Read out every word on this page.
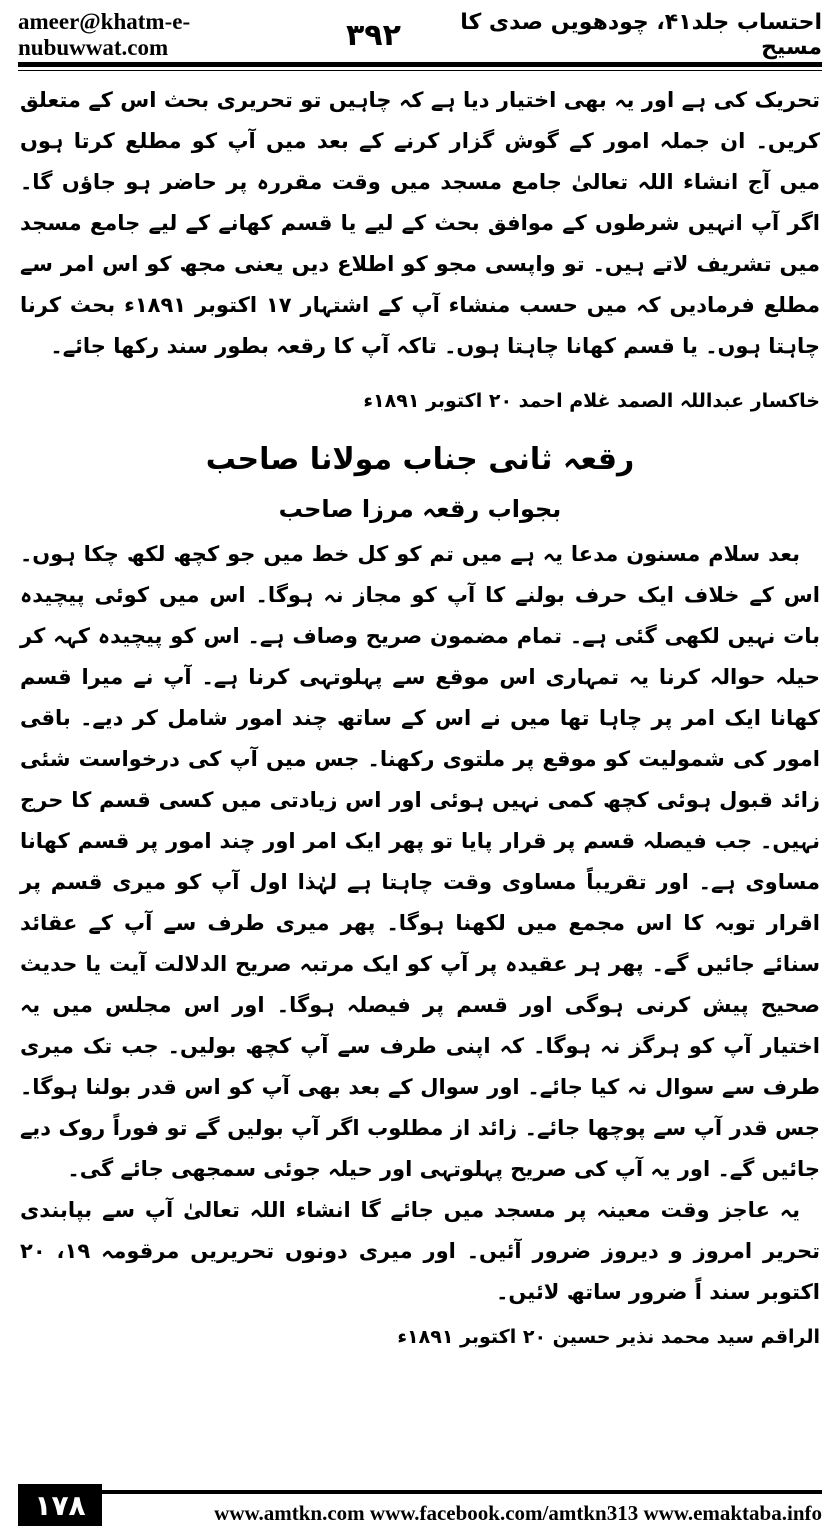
ameer@khatm-e-nubuwwat.com	۳۹۲	احتساب جلد۴۱، چودھویں صدی کا مسیح

تحریک کی ہے اور یہ بھی اختیار دیا ہے کہ چاہیں تو تحریری بحث اس کے متعلق کریں۔ ان جملہ امور کے گوش گزار کرنے کے بعد میں آپ کو مطلع کرتا ہوں میں آج انشاء اللہ تعالیٰ جامع مسجد میں وقت مقررہ پر حاضر ہو جاؤں گا۔ اگر آپ انہیں شرطوں کے موافق بحث کے لیے یا قسم کھانے کے لیے جامع مسجد میں تشریف لاتے ہیں۔ تو واپسی مجو کو اطلاع دیں یعنی مجھ کو اس امر سے مطلع فرمادیں کہ میں حسب منشاء آپ کے اشتہار ۱۷ اکتوبر ۱۸۹۱ء بحث کرنا چاہتا ہوں۔ یا قسم کھانا چاہتا ہوں۔ تاکہ آپ کا رقعہ بطور سند رکھا جائے۔

خاکسار عبداللہ الصمد غلام احمد ۲۰ اکتوبر ۱۸۹۱ء

رقعہ ثانی جناب مولانا صاحب

بجواب رقعہ مرزا صاحب

بعد سلام مسنون مدعا یہ ہے میں تم کو کل خط میں جو کچھ لکھ چکا ہوں۔ اس کے خلاف ایک حرف بولنے کا آپ کو مجاز نہ ہوگا۔ اس میں کوئی پیچیدہ بات نہیں لکھی گئی ہے۔ تمام مضمون صریح وصاف ہے۔ اس کو پیچیدہ کہہ کر حیلہ حوالہ کرنا یہ تمہاری اس موقع سے پہلوتہی کرنا ہے۔ آپ نے میرا قسم کھانا ایک امر پر چاہا تھا میں نے اس کے ساتھ چند امور شامل کر دیے۔ باقی امور کی شمولیت کو موقع پر ملتوی رکھنا۔ جس میں آپ کی درخواست شئی زائد قبول ہوئی کچھ کمی نہیں ہوئی اور اس زیادتی میں کسی قسم کا حرج نہیں۔ جب فیصلہ قسم پر قرار پایا تو پھر ایک امر اور چند امور پر قسم کھانا مساوی ہے۔ اور تقریباً مساوی وقت چاہتا ہے لہٰذا اول آپ کو میری قسم پر اقرار توبہ کا اس مجمع میں لکھنا ہوگا۔ پھر میری طرف سے آپ کے عقائد سنائے جائیں گے۔ پھر ہر عقیدہ پر آپ کو ایک مرتبہ صریح الدلالت آیت یا حدیث صحیح پیش کرنی ہوگی اور قسم پر فیصلہ ہوگا۔ اور اس مجلس میں یہ اختیار آپ کو ہرگز نہ ہوگا۔ کہ اپنی طرف سے آپ کچھ بولیں۔ جب تک میری طرف سے سوال نہ کیا جائے۔ اور سوال کے بعد بھی آپ کو اس قدر بولنا ہوگا۔ جس قدر آپ سے پوچھا جائے۔ زائد از مطلوب اگر آپ بولیں گے تو فوراً روک دیے جائیں گے۔ اور یہ آپ کی صریح پہلوتہی اور حیلہ جوئی سمجھی جائے گی۔

یہ عاجز وقت معینہ پر مسجد میں جائے گا انشاء اللہ تعالیٰ آپ سے بپابندی تحریر امروز و دیروز ضرور آئیں۔ اور میری دونوں تحریریں مرقومہ ۱۹، ۲۰ اکتوبر سند اً ضرور ساتھ لائیں۔

الراقم سید محمد نذیر حسین ۲۰ اکتوبر ۱۸۹۱ء

۱۷۸	www.amtkn.com www.facebook.com/amtkn313 www.emaktaba.info
